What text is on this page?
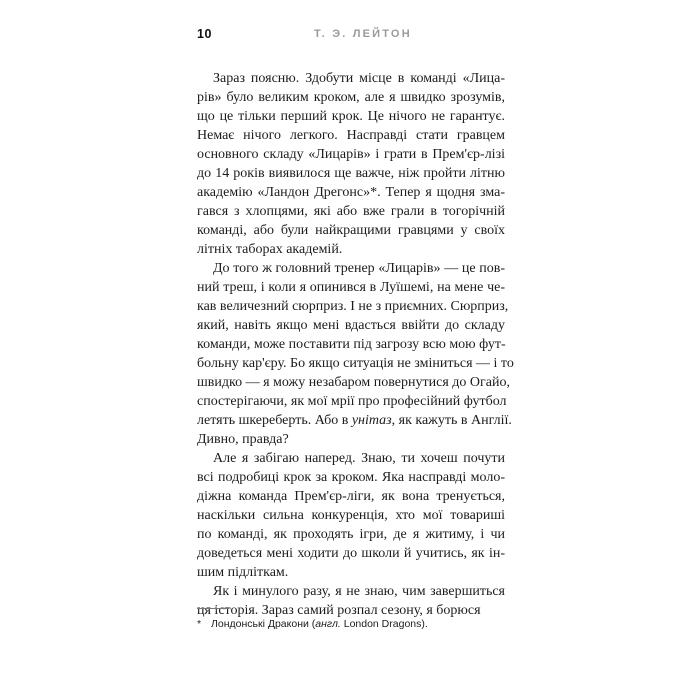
10	Т. Э. ЛЕЙТОН
Зараз поясню. Здобути місце в команді «Лица-
рів» було великим кроком, але я швидко зрозумів,
що це тільки перший крок. Це нічого не гарантує.
Немає нічого легкого. Насправді стати гравцем
основного складу «Лицарів» і грати в Прем'єр-лізі
до 14 років виявилося ще важче, ніж пройти літню
академію «Ландон Дрегонс»*. Тепер я щодня зма-
гався з хлопцями, які або вже грали в тогорічній
команді, або були найкращими гравцями у своїх
літніх таборах академій.
До того ж головний тренер «Лицарів» — це пов-
ний треш, і коли я опинився в Луїшемі, на мене че-
кав величезний сюрприз. І не з приємних. Сюрприз,
який, навіть якщо мені вдасться ввійти до складу
команди, може поставити під загрозу всю мою фут-
больну кар'єру. Бо якщо ситуація не зміниться — і то
швидко — я можу незабаром повернутися до Огайо,
спостерігаючи, як мої мрії про професійний футбол
летять шкереберть. Або в унітаз, як кажуть в Англії.
Дивно, правда?
Але я забігаю наперед. Знаю, ти хочеш почути
всі подробиці крок за кроком. Яка насправді моло-
діжна команда Прем'єр-ліги, як вона тренується,
наскільки сильна конкуренція, хто мої товариші
по команді, як проходять ігри, де я житиму, і чи
доведеться мені ходити до школи й учитись, як ін-
шим підліткам.
Як і минулого разу, я не знаю, чим завершиться
ця історія. Зараз самий розпал сезону, я борюся
* Лондонські Дракони (англ. London Dragons).
